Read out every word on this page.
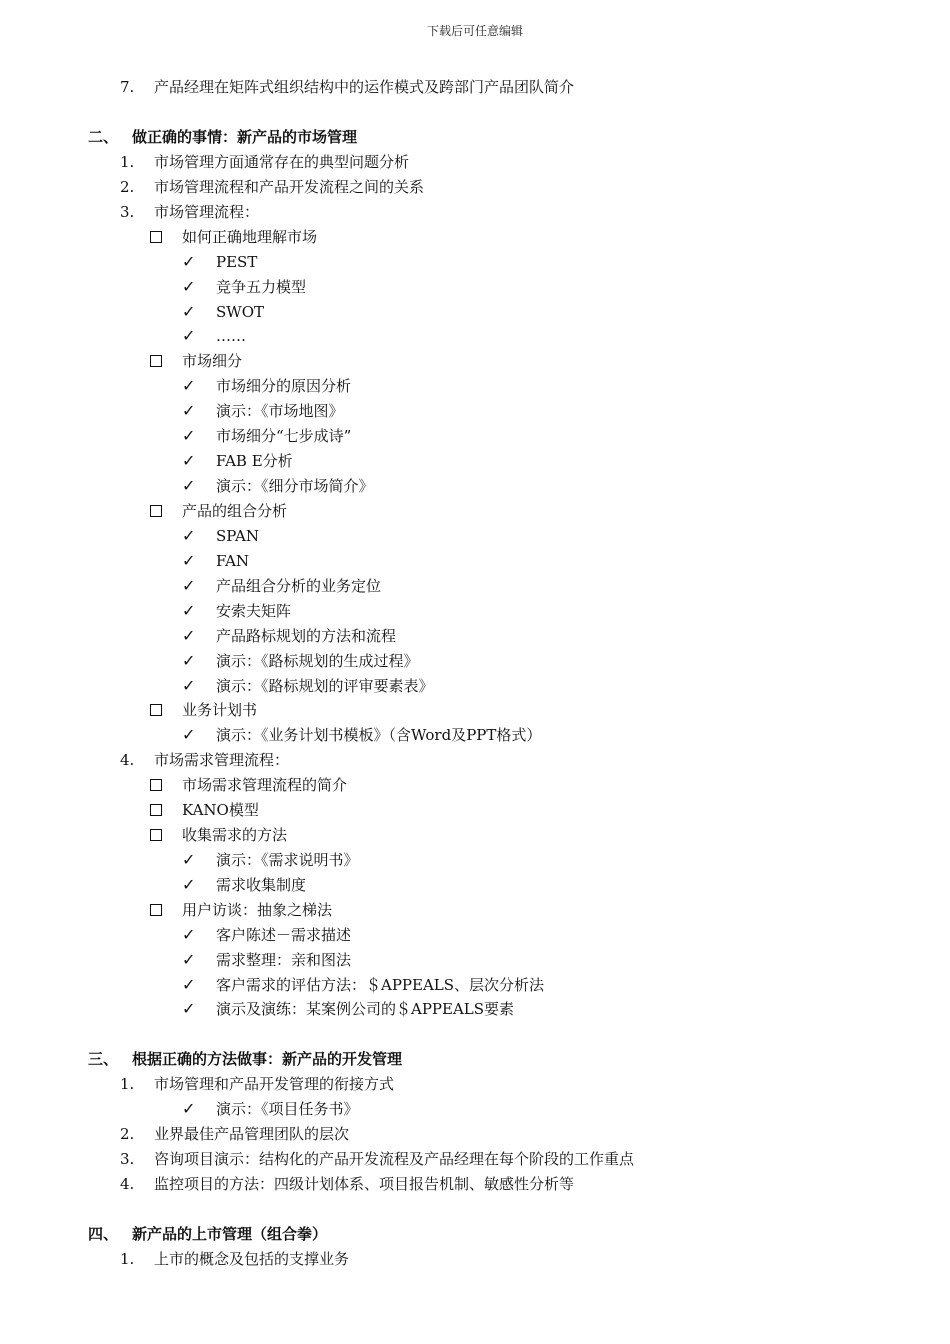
下载后可任意编辑
7. 产品经理在矩阵式组织结构中的运作模式及跨部门产品团队简介
二、 做正确的事情：新产品的市场管理
1. 市场管理方面通常存在的典型问题分析
2. 市场管理流程和产品开发流程之间的关系
3. 市场管理流程：
如何正确地理解市场
✓ PEST
✓ 竞争五力模型
✓ SWOT
✓ ……
市场细分
✓ 市场细分的原因分析
✓ 演示：《市场地图》
✓ 市场细分“七步成诗”
✓ FAB E分析
✓ 演示：《细分市场简介》
产品的组合分析
✓ SPAN
✓ FAN
✓ 产品组合分析的业务定位
✓ 安索夫矩阵
✓ 产品路标规划的方法和流程
✓ 演示：《路标规划的生成过程》
✓ 演示：《路标规划的评审要素表》
业务计划书
✓ 演示：《业务计划书模板》（含Word及PPT格式）
4. 市场需求管理流程：
市场需求管理流程的简介
KANO模型
收集需求的方法
✓ 演示：《需求说明书》
✓ 需求收集制度
用户访谈：抽象之梯法
✓ 客户陈述－需求描述
✓ 需求整理：亲和图法
✓ 客户需求的评估方法：＄APPEALS、层次分析法
✓ 演示及演练：某案例公司的＄APPEALS要素
三、 根据正确的方法做事：新产品的开发管理
1. 市场管理和产品开发管理的衔接方式
✓ 演示：《项目任务书》
2. 业界最佳产品管理团队的层次
3. 咨询项目演示：结构化的产品开发流程及产品经理在每个阶段的工作重点
4. 监控项目的方法：四级计划体系、项目报告机制、敏感性分析等
四、 新产品的上市管理（组合拳）
1. 上市的概念及包括的支撑业务
